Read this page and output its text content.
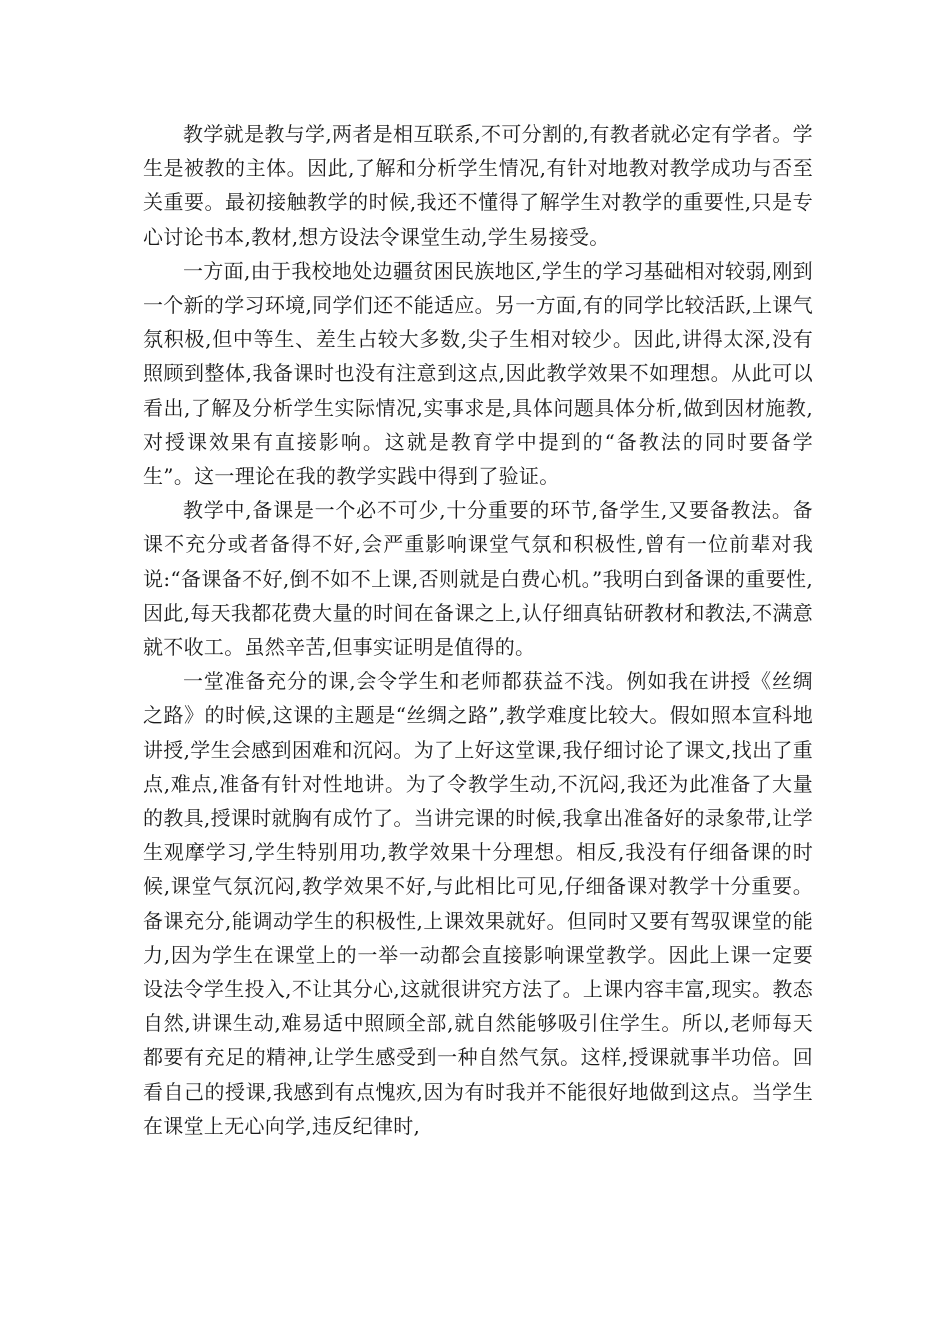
教学就是教与学,两者是相互联系,不可分割的,有教者就必定有学者。学生是被教的主体。因此,了解和分析学生情况,有针对地教对教学成功与否至关重要。最初接触教学的时候,我还不懂得了解学生对教学的重要性,只是专心讨论书本,教材,想方设法令课堂生动,学生易接受。

一方面,由于我校地处边疆贫困民族地区,学生的学习基础相对较弱,刚到一个新的学习环境,同学们还不能适应。另一方面,有的同学比较活跃,上课气氛积极,但中等生、差生占较大多数,尖子生相对较少。因此,讲得太深,没有照顾到整体,我备课时也没有注意到这点,因此教学效果不如理想。从此可以看出,了解及分析学生实际情况,实事求是,具体问题具体分析,做到因材施教,对授课效果有直接影响。这就是教育学中提到的“备教法的同时要备学生”。这一理论在我的教学实践中得到了验证。

教学中,备课是一个必不可少,十分重要的环节,备学生,又要备教法。备课不充分或者备得不好,会严重影响课堂气氛和积极性,曾有一位前辈对我说:“备课备不好,倒不如不上课,否则就是白费心机。”我明白到备课的重要性,因此,每天我都花费大量的时间在备课之上,认仔细真钻研教材和教法,不满意就不收工。虽然辛苦,但事实证明是值得的。

一堂准备充分的课,会令学生和老师都获益不浅。例如我在讲授《丝绸之路》的时候,这课的主题是“丝绸之路”,教学难度比较大。假如照本宣科地讲授,学生会感到困难和沉闷。为了上好这堂课,我仔细讨论了课文,找出了重点,难点,准备有针对性地讲。为了令教学生动,不沉闷,我还为此准备了大量的教具,授课时就胸有成竹了。当讲完课的时候,我拿出准备好的录象带,让学生观摩学习,学生特别用功,教学效果十分理想。相反,我没有仔细备课的时候,课堂气氛沉闷,教学效果不好,与此相比可见,仔细备课对教学十分重要。备课充分,能调动学生的积极性,上课效果就好。但同时又要有驾驭课堂的能力,因为学生在课堂上的一举一动都会直接影响课堂教学。因此上课一定要设法令学生投入,不让其分心,这就很讲究方法了。上课内容丰富,现实。教态自然,讲课生动,难易适中照顾全部,就自然能够吸引住学生。所以,老师每天都要有充足的精神,让学生感受到一种自然气氛。这样,授课就事半功倍。回看自己的授课,我感到有点愧疚,因为有时我并不能很好地做到这点。当学生在课堂上无心向学,违反纪律时,
